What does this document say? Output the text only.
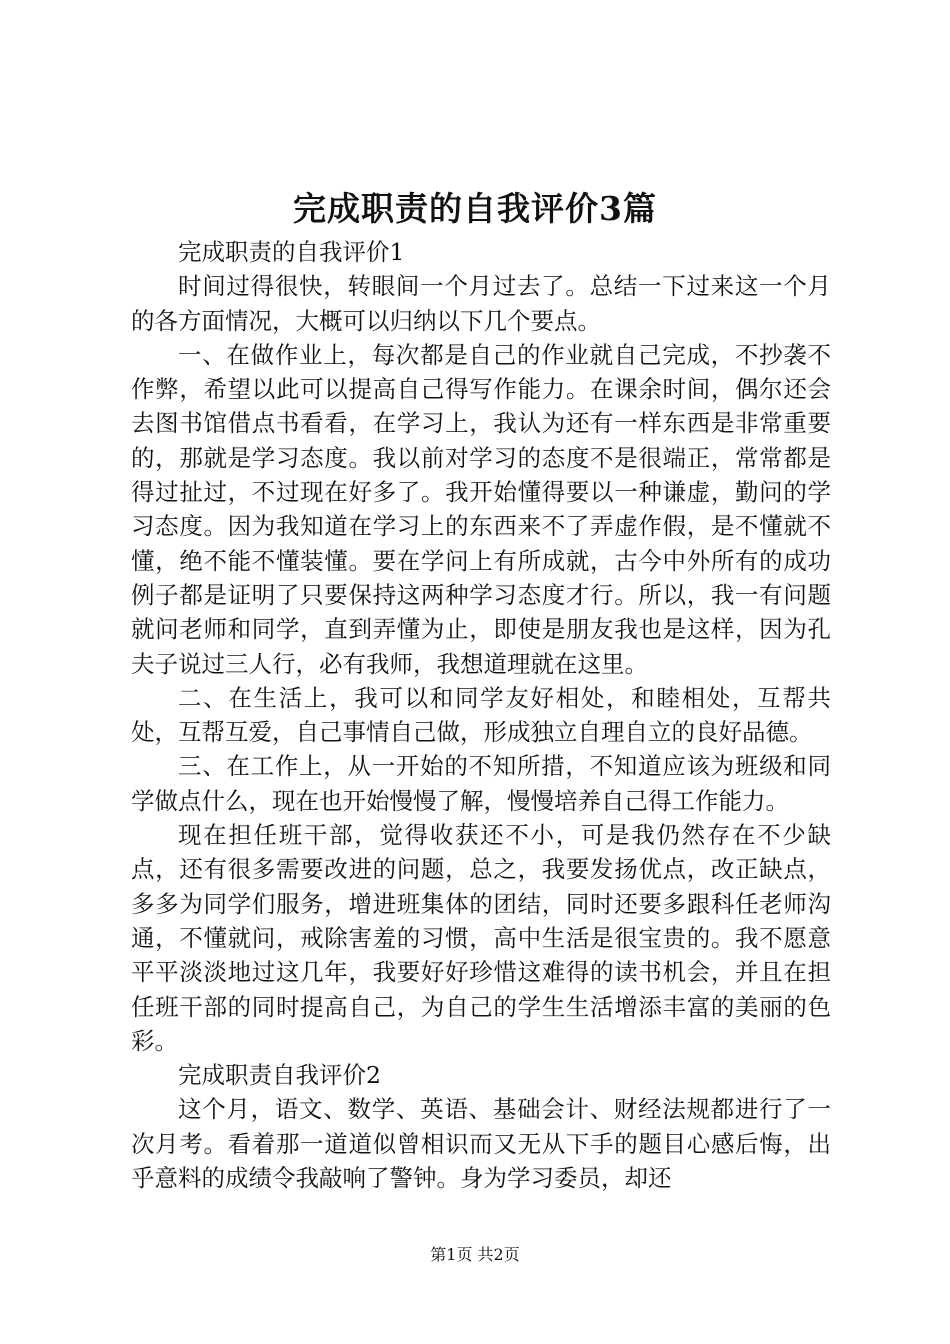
完成职责的自我评价3篇

完成职责的自我评价1

时间过得很快，转眼间一个月过去了。总结一下过来这一个月的各方面情况，大概可以归纳以下几个要点。

一、在做作业上，每次都是自己的作业就自己完成，不抄袭不作弊，希望以此可以提高自己得写作能力。在课余时间，偶尔还会去图书馆借点书看看，在学习上，我认为还有一样东西是非常重要的，那就是学习态度。我以前对学习的态度不是很端正，常常都是得过扯过，不过现在好多了。我开始懂得要以一种谦虚，勤问的学习态度。因为我知道在学习上的东西来不了弄虚作假，是不懂就不懂，绝不能不懂装懂。要在学问上有所成就，古今中外所有的成功例子都是证明了只要保持这两种学习态度才行。所以，我一有问题就问老师和同学，直到弄懂为止，即使是朋友我也是这样，因为孔夫子说过三人行，必有我师，我想道理就在这里。

二、在生活上，我可以和同学友好相处，和睦相处，互帮共处，互帮互爱，自己事情自己做，形成独立自理自立的良好品德。

三、在工作上，从一开始的不知所措，不知道应该为班级和同学做点什么，现在也开始慢慢了解，慢慢培养自己得工作能力。

现在担任班干部，觉得收获还不小，可是我仍然存在不少缺点，还有很多需要改进的问题，总之，我要发扬优点，改正缺点，多多为同学们服务，增进班集体的团结，同时还要多跟科任老师沟通，不懂就问，戒除害羞的习惯，高中生活是很宝贵的。我不愿意平平淡淡地过这几年，我要好好珍惜这难得的读书机会，并且在担任班干部的同时提高自己，为自己的学生生活增添丰富的美丽的色彩。

完成职责自我评价2

这个月，语文、数学、英语、基础会计、财经法规都进行了一次月考。看着那一道道似曾相识而又无从下手的题目心感后悔，出乎意料的成绩令我敲响了警钟。身为学习委员，却还

第1页 共2页
